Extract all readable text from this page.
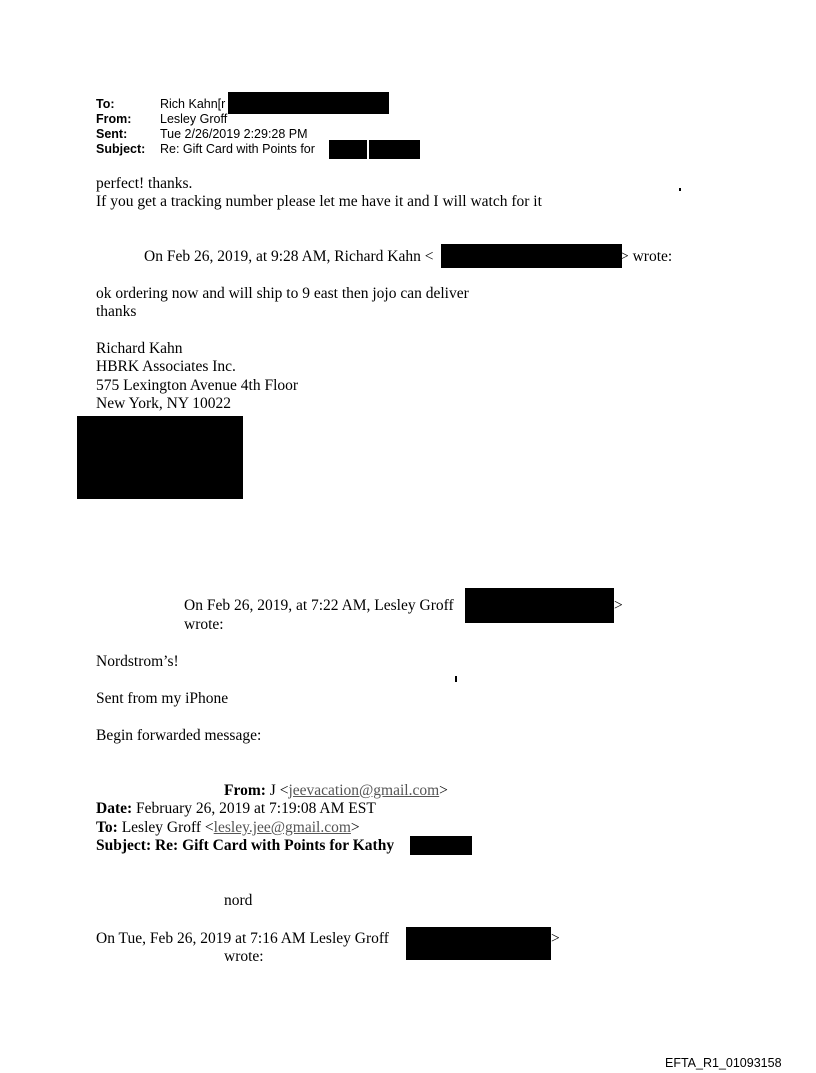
To:	Rich Kahn[r
From: Lesley Groff
Sent:	Tue 2/26/2019 2:29:28 PM
Subject: Re: Gift Card with Points for
perfect! thanks.
If you get a tracking number please let me have it and I will watch for it
On Feb 26, 2019, at 9:28 AM, Richard Kahn <	> wrote:
ok ordering now and will ship to 9 east then jojo can deliver
thanks
Richard Kahn
HBRK Associates Inc.
575 Lexington Avenue 4th Floor
New York, NY 10022
On Feb 26, 2019, at 7:22 AM, Lesley Groff	>
wrote:
Nordstrom’s!
Sent from my iPhone
Begin forwarded message:
From: J <jeevacation@gmail.com>
Date: February 26, 2019 at 7:19:08 AM EST
To: Lesley Groff <lesley.jee@gmail.com>
Subject: Re: Gift Card with Points for Kathy
nord
On Tue, Feb 26, 2019 at 7:16 AM Lesley Groff	>
wrote:
EFTA_R1_01093158
